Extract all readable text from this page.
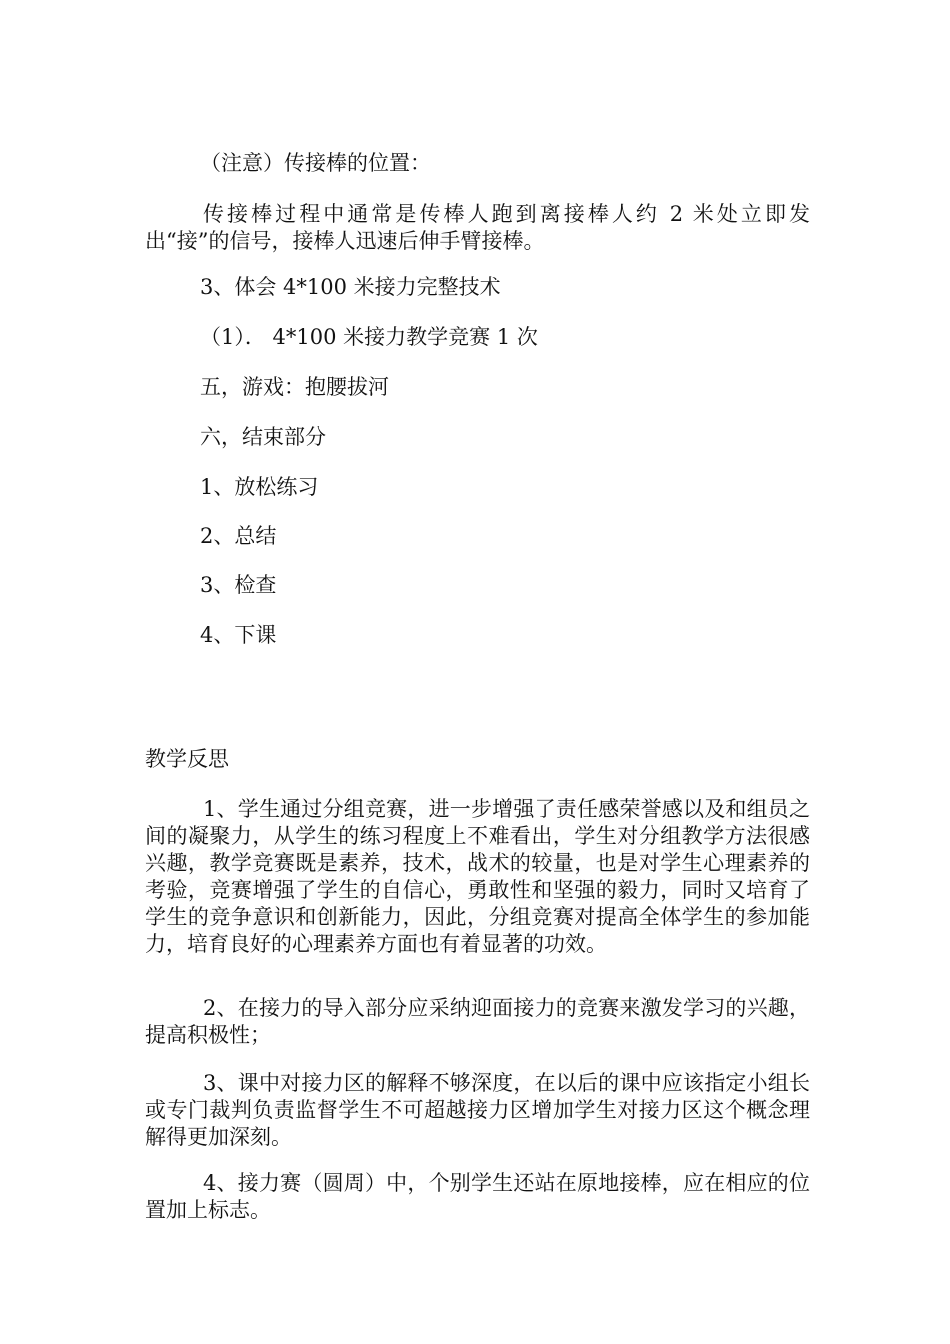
（注意）传接棒的位置：
传接棒过程中通常是传棒人跑到离接棒人约 2 米处立即发出“接”的信号，接棒人迅速后伸手臂接棒。
3、体会 4*100 米接力完整技术
（1）． 4*100 米接力教学竞赛 1 次
五，游戏：抱腰拔河
六，结束部分
1、放松练习
2、总结
3、检查
4、下课
教学反思
1、学生通过分组竞赛，进一步增强了责任感荣誉感以及和组员之间的凝聚力，从学生的练习程度上不难看出，学生对分组教学方法很感兴趣，教学竞赛既是素养，技术，战术的较量，也是对学生心理素养的考验，竞赛增强了学生的自信心，勇敢性和坚强的毅力，同时又培育了学生的竞争意识和创新能力，因此，分组竞赛对提高全体学生的参加能力，培育良好的心理素养方面也有着显著的功效。
2、在接力的导入部分应采纳迎面接力的竞赛来激发学习的兴趣，提高积极性；
3、课中对接力区的解释不够深度，在以后的课中应该指定小组长或专门裁判负责监督学生不可超越接力区增加学生对接力区这个概念理解得更加深刻。
4、接力赛（圆周）中，个别学生还站在原地接棒，应在相应的位置加上标志。
